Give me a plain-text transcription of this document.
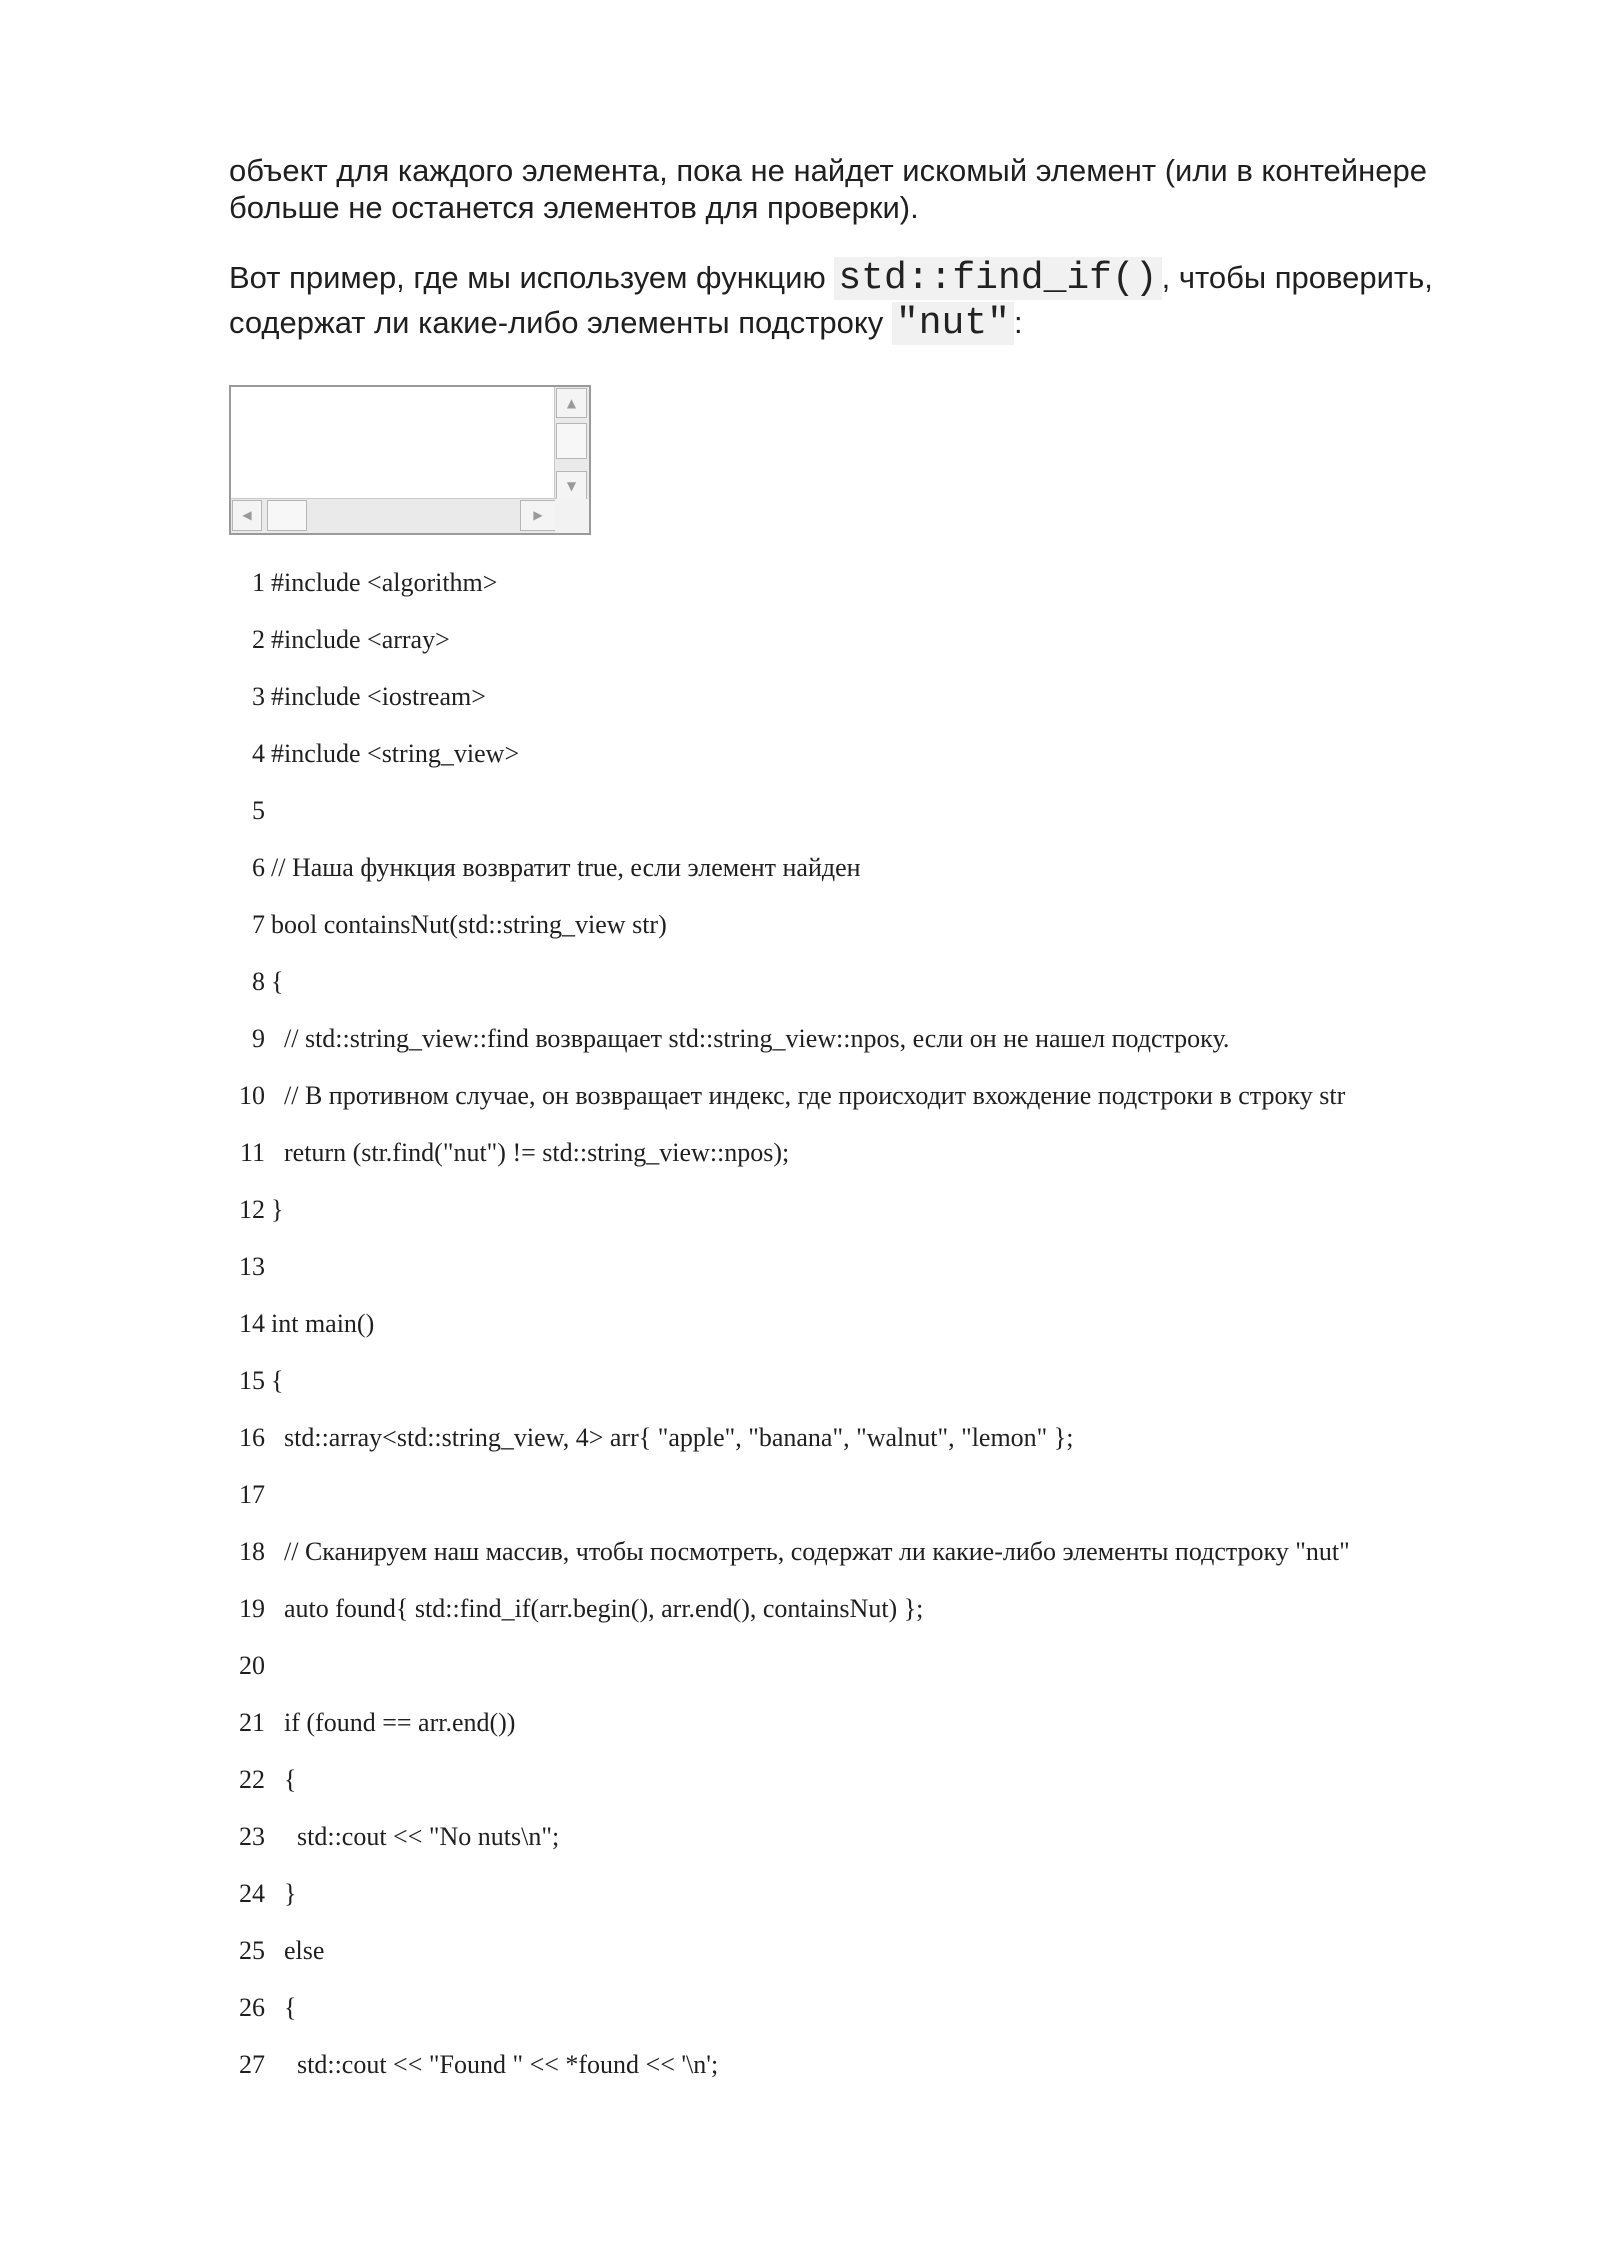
объект для каждого элемента, пока не найдет искомый элемент (или в контейнере больше не останется элементов для проверки).
Вот пример, где мы используем функцию std::find_if() , чтобы проверить, содержат ли какие-либо элементы подстроку "nut" :
▲
▼
◀	▶
1 #include <algorithm>
2 #include <array>
3 #include <iostream>
4 #include <string_view>
5
6 // Наша функция возвратит true, если элемент найден
7 bool containsNut(std::string_view str)
8 {
9 // std::string_view::find возвращает std::string_view::npos, если он не нашел подстроку.
10 // В противном случае, он возвращает индекс, где происходит вхождение подстроки в строку str
11 return (str.find("nut") != std::string_view::npos);
12 }
13
14 int main()
15 {
16 std::array<std::string_view, 4> arr{ "apple", "banana", "walnut", "lemon" };
17
18 // Сканируем наш массив, чтобы посмотреть, содержат ли какие-либо элементы подстроку "nut"
19 auto found{ std::find_if(arr.begin(), arr.end(), containsNut) };
20
21 if (found == arr.end())
22 {
23 std::cout << "No nuts\n";
24 }
25 else
26 {
27 std::cout << "Found " << *found << '\n';
